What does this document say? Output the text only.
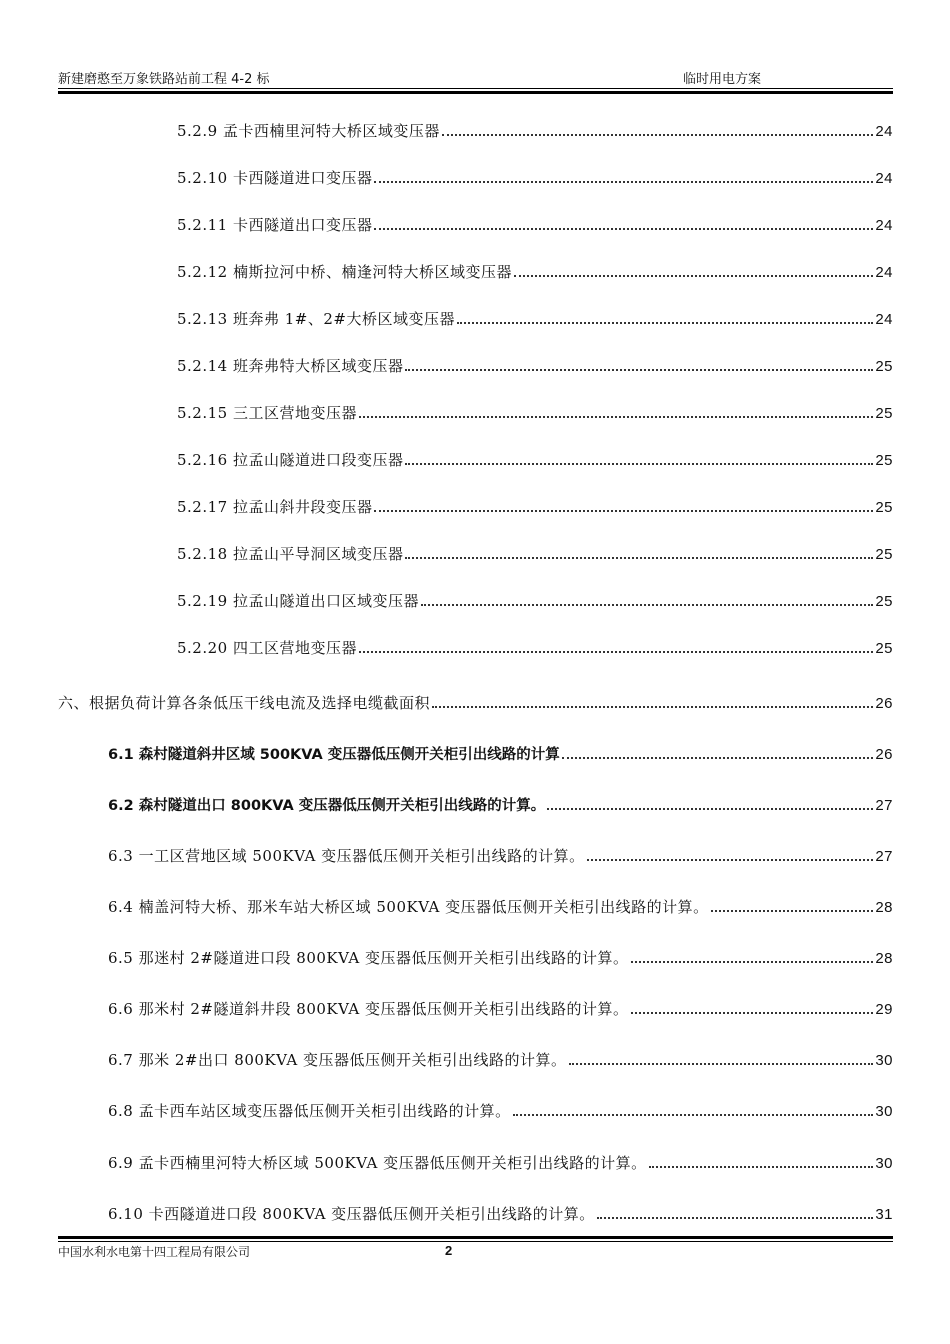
新建磨憨至万象铁路站前工程 4-2 标	临时用电方案
5.2.9 孟卡西楠里河特大桥区域变压器	24
5.2.10 卡西隧道进口变压器	24
5.2.11 卡西隧道出口变压器	24
5.2.12 楠斯拉河中桥、楠逢河特大桥区域变压器	24
5.2.13 班奔弗 1#、2#大桥区域变压器	24
5.2.14 班奔弗特大桥区域变压器	25
5.2.15 三工区营地变压器	25
5.2.16 拉孟山隧道进口段变压器	25
5.2.17 拉孟山斜井段变压器	25
5.2.18 拉孟山平导洞区域变压器	25
5.2.19 拉孟山隧道出口区域变压器	25
5.2.20 四工区营地变压器	25
六、根据负荷计算各条低压干线电流及选择电缆截面积	26
6.1 森村隧道斜井区域 500KVA 变压器低压侧开关柜引出线路的计算	26
6.2 森村隧道出口 800KVA 变压器低压侧开关柜引出线路的计算。	27
6.3 一工区营地区域 500KVA 变压器低压侧开关柜引出线路的计算。	27
6.4 楠盖河特大桥、那米车站大桥区域 500KVA 变压器低压侧开关柜引出线路的计算。	28
6.5 那迷村 2#隧道进口段 800KVA 变压器低压侧开关柜引出线路的计算。	28
6.6 那米村 2#隧道斜井段 800KVA 变压器低压侧开关柜引出线路的计算。	29
6.7 那米 2#出口 800KVA 变压器低压侧开关柜引出线路的计算。	30
6.8 孟卡西车站区域变压器低压侧开关柜引出线路的计算。	30
6.9 孟卡西楠里河特大桥区域 500KVA 变压器低压侧开关柜引出线路的计算。	30
6.10 卡西隧道进口段 800KVA 变压器低压侧开关柜引出线路的计算。	31
中国水利水电第十四工程局有限公司	2
